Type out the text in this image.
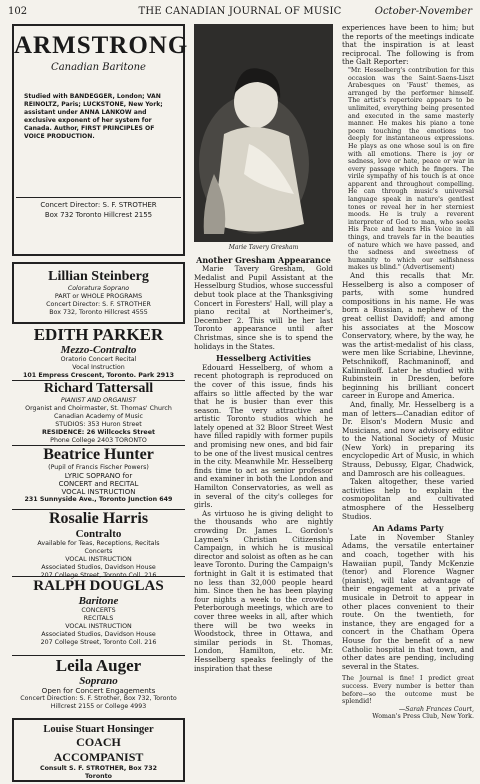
102	THE CANADIAN JOURNAL OF MUSIC	October-November
ARMSTRONG
Canadian Baritone
Studied with BANDEGGER, London; VAN REINOLTZ, Paris; LUCKSTONE, New York; assistant under ANNA LANKOW and exclusive exponent of her system for Canada. Author, FIRST PRINCIPLES OF VOICE PRODUCTION.
Concert Director: S. F. STROTHER
Box 732 Toronto Hillcrest 2155
Lillian Steinberg
Coloratura Soprano
PART or WHOLE PROGRAMS
Concert Director: S. F. STROTHER
Box 732, Toronto Hillcrest 4555
EDITH PARKER
Mezzo-Contralto
Oratorio Concert Recital
Vocal Instruction
101 Empress Crescent, Toronto. Park 2913
Richard Tattersall
PIANIST AND ORGANIST
Organist and Choirmaster, St. Thomas' Church
Canadian Academy of Music
STUDIOS: 353 Huron Street
RESIDENCE: 26 Willcocks Street
Phone College 2403 TORONTO
Beatrice Hunter
(Pupil of Francis Fischer Powers)
LYRIC SOPRANO for
CONCERT and RECITAL
VOCAL INSTRUCTION
231 Sunnyside Ave., Toronto Junction 649
Rosalie Harris
Contralto
Available for Teas, Receptions, Recitals
Concerts
VOCAL INSTRUCTION
Associated Studios, Davidson House
207 College Street, Toronto Coll. 216
RALPH DOUGLAS
Baritone
CONCERTS
RECITALS
VOCAL INSTRUCTION
Associated Studios, Davidson House
207 College Street, Toronto Coll. 216
Leila Auger
Soprano
Open for Concert Engagements
Concert Direction: S. F. Strother, Box 732, Toronto
Hillcrest 2155 or College 4993
Louise Stuart Honsinger
COACH
ACCOMPANIST
Consult S. F. STROTHER, Box 732
Toronto
Marie Tavery Gresham
Another Gresham Appearance

Marie Tavery Gresham, Gold Medalist and Pupil Assistant at the Hesselburg Studios, whose successful debut took place at the Thanksgiving Concert in Foresters' Hall, will play a piano recital at Northeimer's, December 2. This will be her last Toronto appearance until after Christmas, since she is to spend the holidays in the States.

Hesselberg Activities

Edouard Hesselberg, of whom a recent photograph is reproduced on the cover of this issue, finds his affairs so little affected by the war that he is busier than ever this season. The very attractive and artistic Toronto studios which he lately opened at 32 Bloor Street West have filled rapidly with former pupils and promising new ones, and bid fair to be one of the livest musical centres in the city. Meanwhile Mr. Hesselberg finds time to act as senior professor and examiner in both the London and Hamilton Conservatories, as well as in several of the city's colleges for girls.

As virtuoso he is giving delight to the thousands who are nightly crowding Dr. James L. Gordon's Laymen's Christian Citizenship Campaign, in which he is musical director and soloist as often as he can leave Toronto. During the Campaign's fortnight in Galt it is estimated that no less than 32,000 people heard him. Since then he has been playing four nights a week to the crowded Peterborough meetings, which are to cover three weeks in all, after which there will be two weeks in Woodstock, three in Ottawa, and similar periods in St. Thomas, London, Hamilton, etc. Mr. Hesselberg speaks feelingly of the inspiration that these

experiences have been to him; but the reports of the meetings indicate that the inspiration is at least reciprocal. The following is from the Galt Reporter:

"Mr. Hesselberg's contribution for this occasion was the Saint-Saens-Liszt Arabesques on 'Faust' themes, as arranged by the performer himself. The artist's repertoire appears to be unlimited, everything being presented and executed in the same masterly manner. He makes his piano a tone poem touching the emotions too deeply for instantaneous expressions. He plays as one whose soul is on fire with all emotions. There is joy or sadness, love or hate, peace or war in every passage which he fingers. The virile sympathy of his touch is at once apparent and throughout compelling. He can through music's universal language speak in nature's gentlest tones or reveal her in her sterniest moods. He is truly a reverent interpreter of God to man, who seeks His Face and hears His Voice in all things, and travels far in the beauties of nature which we have passed, and the sadness and sweetness of humanity to which our selfishness makes us blind." (Advertisement)

And this recalls that Mr. Hesselberg is also a composer of parts, with some hundred compositions in his name. He was born a Russian, a nephew of the great cellist Davidoff; and among his associates at the Moscow Conservatory, where, by the way, he was the artist-medalist of his class, were men like Scriabine, Lhevinne, Petschnikoff, Rachmaninoff, and Kalinnikoff. Later he studied with Rubinstein in Dresden, before beginning his brilliant concert career in Europe and America.

And, finally, Mr. Hesselberg is a man of letters—Canadian editor of Dr. Elson's Modern Music and Musicians, and now advisory editor to the National Society of Music (New York) in preparing its encyclopedic Art of Music, in which Strauss, Debussy, Elgar, Chadwick, and Damrosch are his colleagues.

Taken altogether, these varied activities help to explain the cosmopolitan and cultivated atmosphere of the Hesselberg Studios.

An Adams Party

Late in November Stanley Adams, the versatile entertainer and coach, together with his Hawaiian pupil, Tandy McKenzie (tenor) and Florence Wagner (pianist), will take advantage of their engagement at a private musicale in Detroit to appear in other places convenient to their route. On the twentieth, for instance, they are engaged for a concert in the Chatham Opera House for the benefit of a new Catholic hospital in that town, and other dates are pending, including several in the States.

The Journal is fine! I predict great success. Every number is better than before—so the outcome must be splendid!
—Sarah Frances Court,
Woman's Press Club, New York.
